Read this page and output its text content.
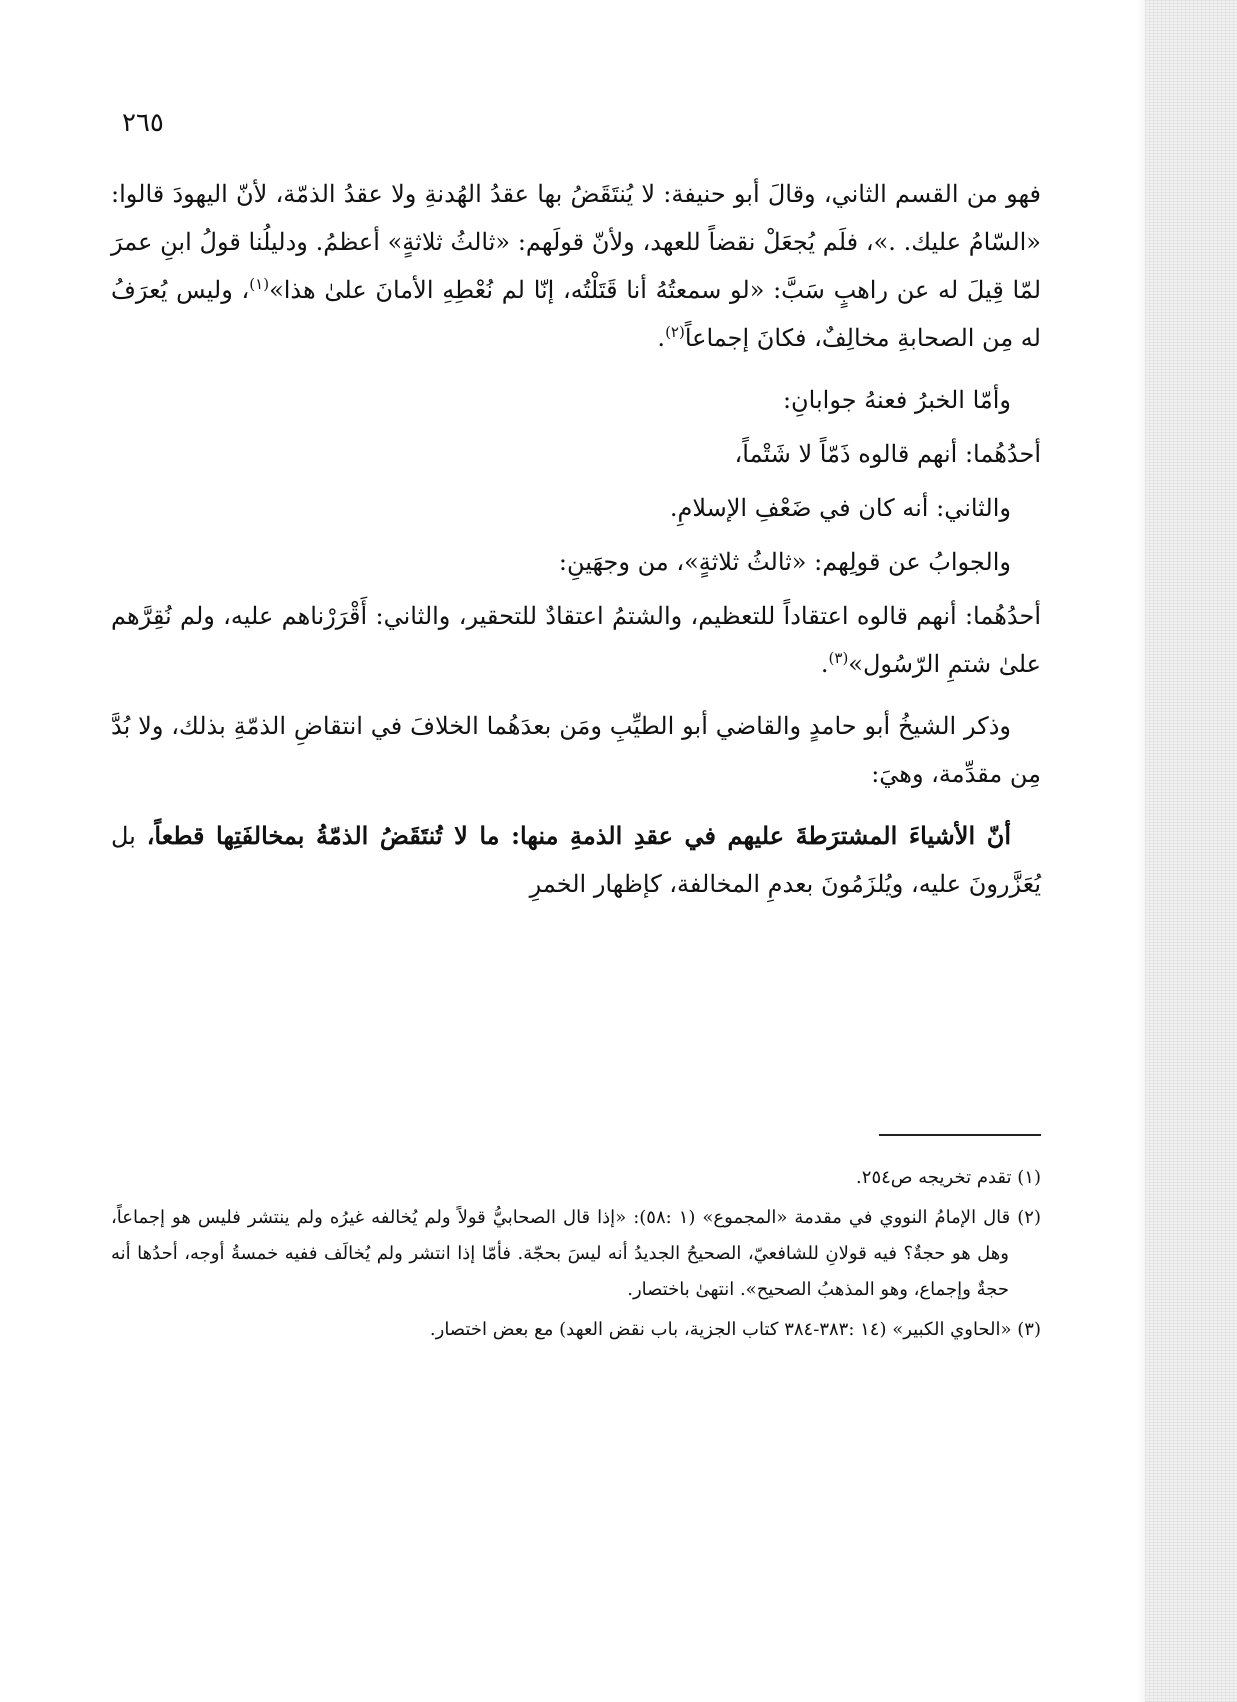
٢٦٥

فهو من القسم الثاني، وقالَ أبو حنيفة: لا يُنتَقَضُ بها عقدُ الهُدنةِ ولا عقدُ الذمّة، لأنّ اليهودَ قالوا: «السّامُ عليك. .»، فلَم يُجعَلْ نقضاً للعهد، ولأنّ قولَهم: «ثالثُ ثلاثةٍ» أعظمُ. ودليلُنا قولُ ابنِ عمرَ لمّا قِيلَ له عن راهبٍ سَبَّ: «لو سمعتُهُ أنا قَتَلْتُه، إنّا لم نُعْطِهِ الأمانَ علىٰ هذا»$^{(١)}$، وليس يُعرَفُ له مِن الصحابةِ مخالِفٌ، فكانَ إجماعاً$^{(٢)}$.

وأمّا الخبرُ فعنهُ جوابانِ:

أحدُهُما: أنهم قالوه ذَمّاً لا شَتْماً،

والثاني: أنه كان في ضَعْفِ الإسلامِ.

والجوابُ عن قولِهم: «ثالثُ ثلاثةٍ»، من وجهَينِ:

أحدُهُما: أنهم قالوه اعتقاداً للتعظيم، والشتمُ اعتقادٌ للتحقير، والثاني: أَقْرَرْناهم عليه، ولم نُقِرَّهم علىٰ شتمِ الرّسُول»$^{(٣)}$.

وذكر الشيخُ أبو حامدٍ والقاضي أبو الطيِّبِ ومَن بعدَهُما الخلافَ في انتقاضِ الذمّةِ بذلك، ولا بُدَّ مِن مقدِّمة، وهيَ:

أنّ الأشياءَ المشترَطةَ عليهم في عقدِ الذمةِ منها: ما لا تُنتَقَضُ الذمّةُ بمخالفَتِها قطعاً، بل يُعَزَّرونَ عليه، ويُلزَمُونَ بعدمِ المخالفة، كإظهار الخمرِ

(١) تقدم تخريجه ص٢٥٤.

(٢) قال الإمامُ النووي في مقدمة «المجموع» (١ :٥٨): «إذا قال الصحابيُّ قولاً ولم يُخالفه غيرُه ولم ينتشر فليس هو إجماعاً، وهل هو حجةٌ؟ فيه قولانِ للشافعيّ، الصحيحُ الجديدُ أنه ليسَ بحجّة. فأمّا إذا انتشر ولم يُخالَف ففيه خمسةُ أوجه، أحدُها أنه حجةٌ وإجماع، وهو المذهبُ الصحيح». انتهىٰ باختصار.

(٣) «الحاوي الكبير» (١٤ :٣٨٣-٣٨٤ كتاب الجزية، باب نقض العهد) مع بعض اختصار.
